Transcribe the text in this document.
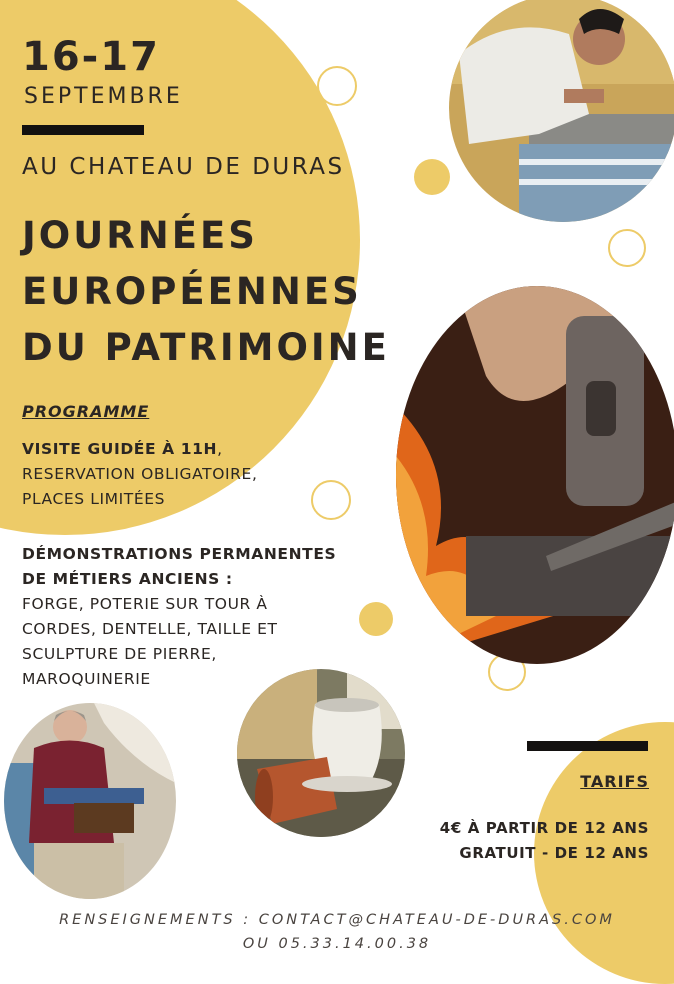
16-17
SEPTEMBRE
AU CHATEAU DE DURAS
JOURNÉES
EUROPÉENNES
DU PATRIMOINE
PROGRAMME
VISITE GUIDÉE À 11H,
RESERVATION OBLIGATOIRE,
PLACES LIMITÉES
DÉMONSTRATIONS PERMANENTES
DE MÉTIERS ANCIENS :
FORGE, POTERIE SUR TOUR À
CORDES, DENTELLE, TAILLE ET
SCULPTURE DE PIERRE,
MAROQUINERIE
TARIFS
4€ À PARTIR DE 12 ANS
GRATUIT - DE 12 ANS
RENSEIGNEMENTS : CONTACT@CHATEAU-DE-DURAS.COM
OU 05.33.14.00.38
